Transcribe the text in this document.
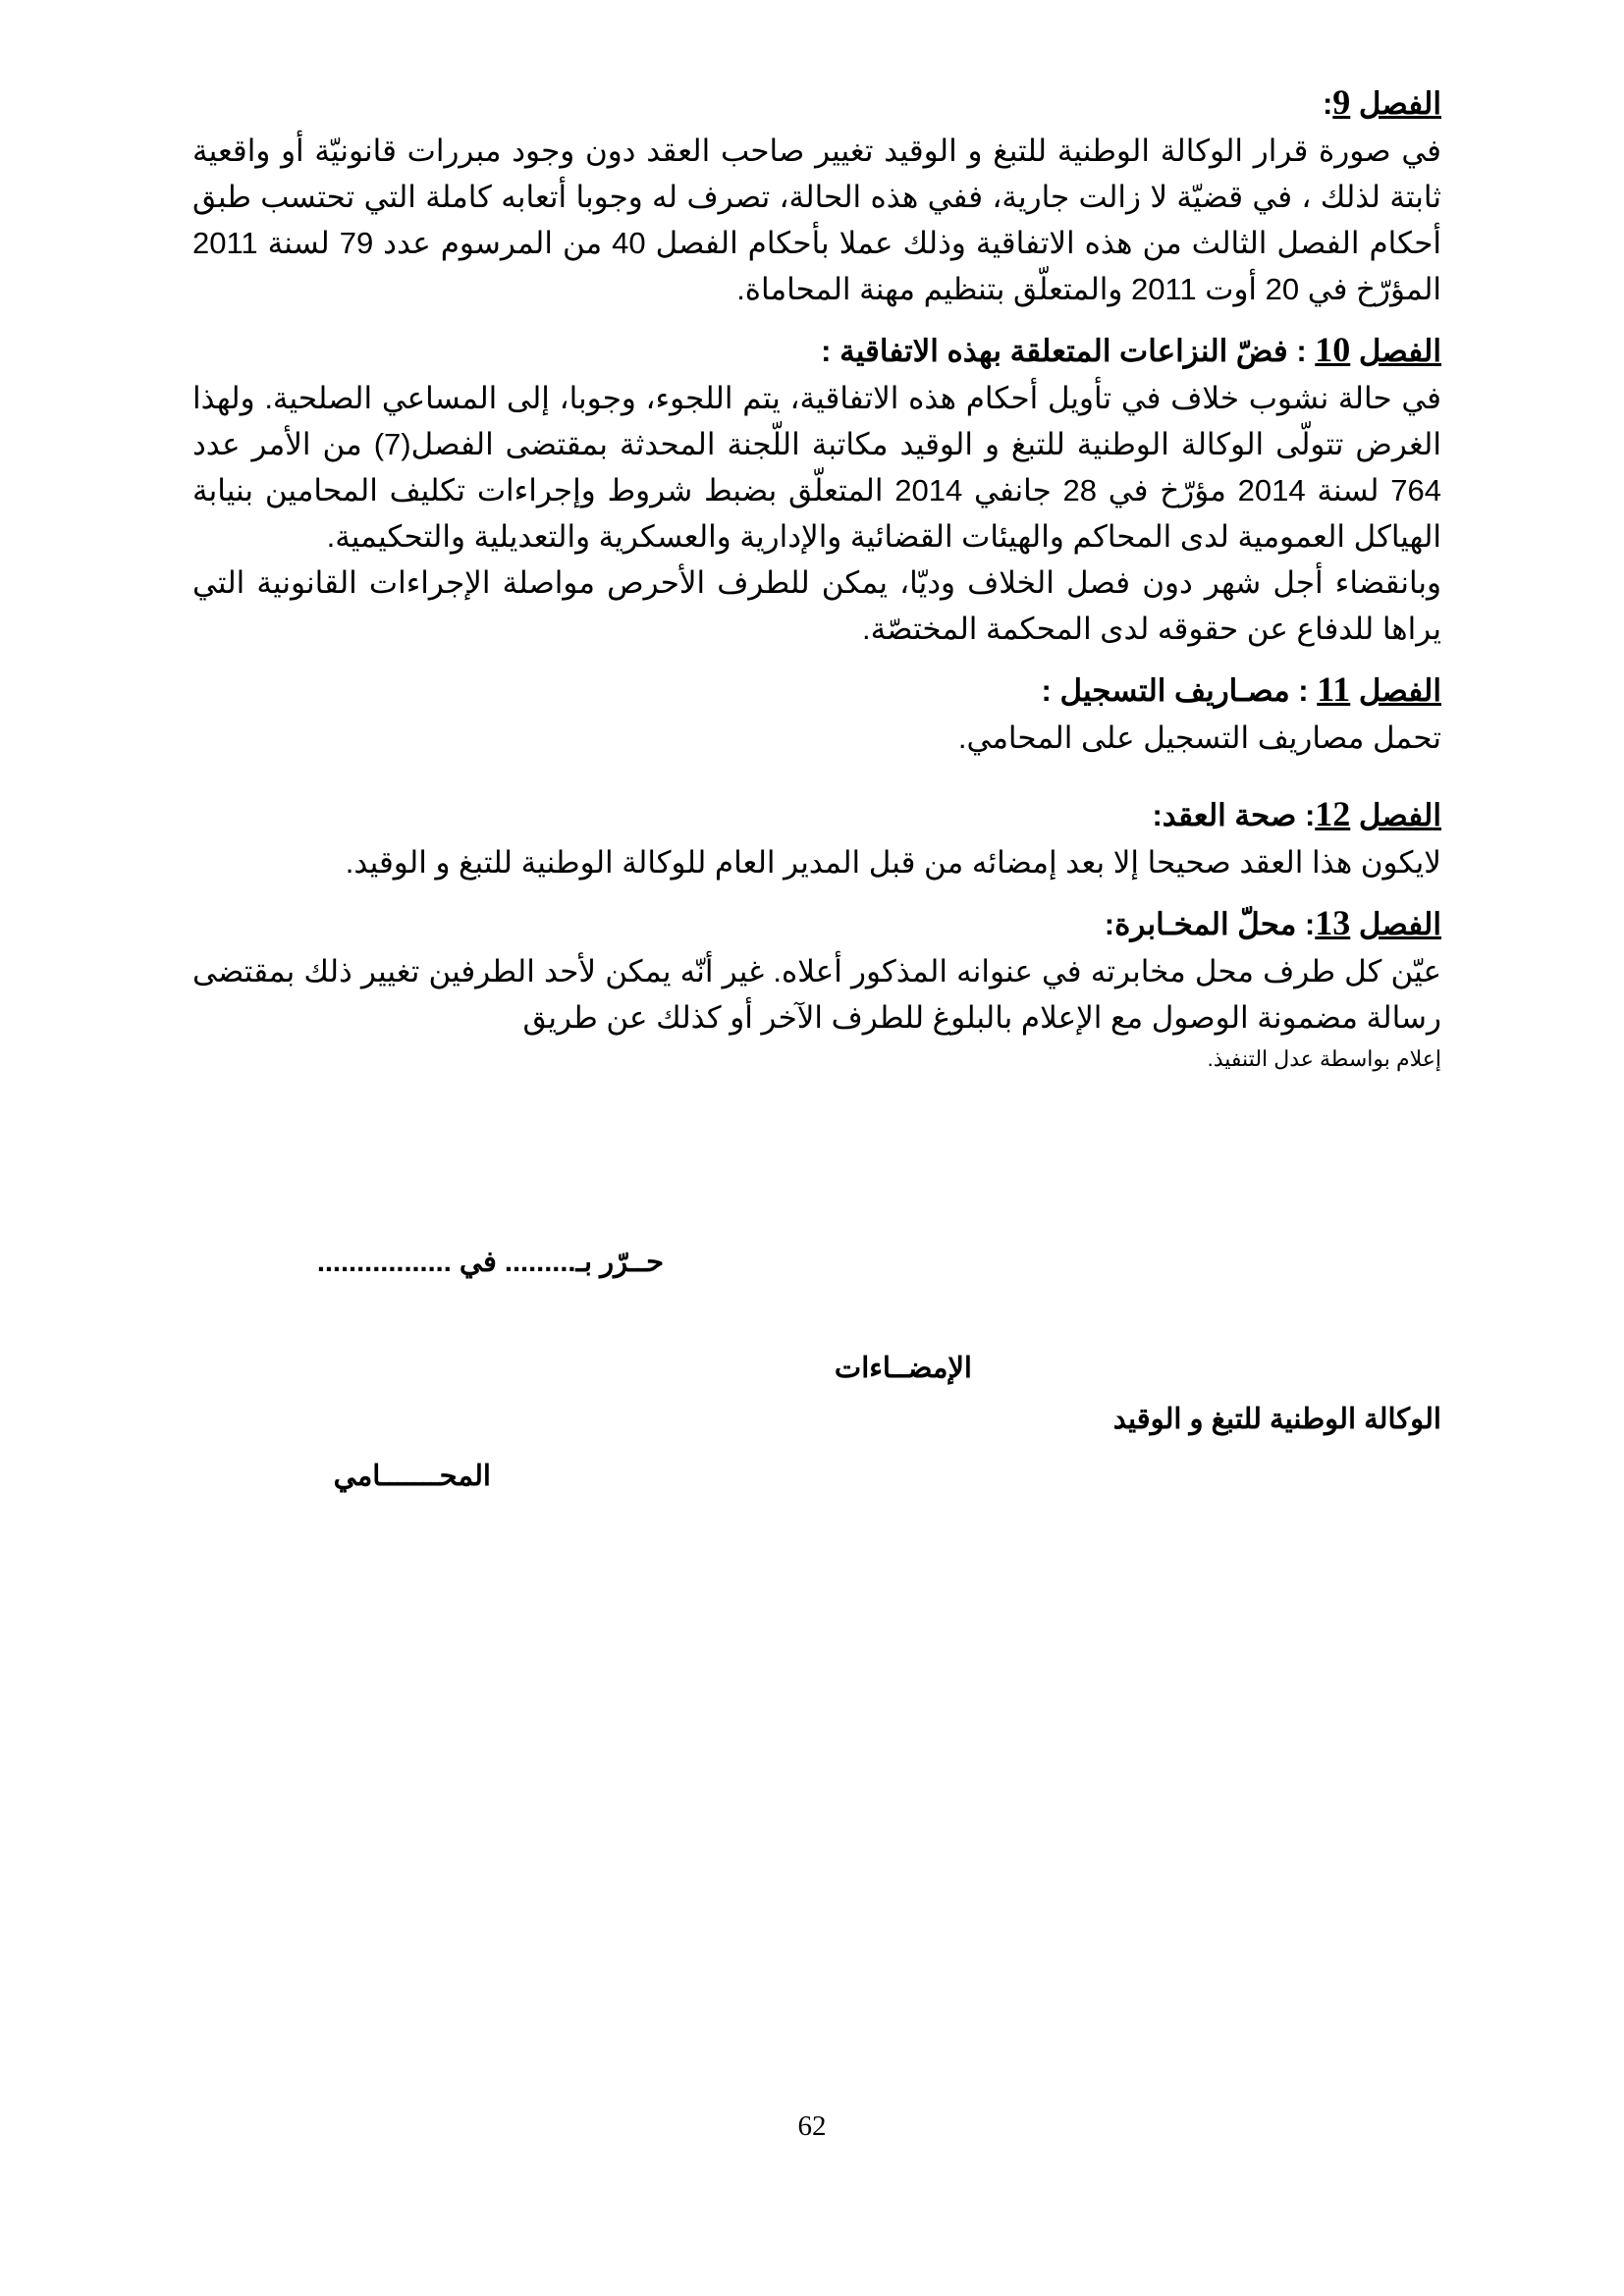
الفصل 9:

في صورة قرار الوكالة الوطنية للتبغ و الوقيد تغيير صاحب العقد دون وجود مبررات قانونيّة أو واقعية ثابتة لذلك ، في قضيّة لا زالت جارية، ففي هذه الحالة، تصرف له وجوبا أتعابه كاملة التي تحتسب طبق أحكام الفصل الثالث من هذه الاتفاقية وذلك عملا بأحكام الفصل 40 من المرسوم عدد 79 لسنة 2011 المؤرّخ في 20 أوت 2011 والمتعلّق بتنظيم مهنة المحاماة.

الفصل 10 : فضّ النزاعات المتعلقة بهذه الاتفاقية :

في حالة نشوب خلاف في تأويل أحكام هذه الاتفاقية، يتم اللجوء، وجوبا، إلى المساعي الصلحية. ولهذا الغرض تتولّى الوكالة الوطنية للتبغ و الوقيد مكاتبة اللّجنة المحدثة بمقتضى الفصل(7) من الأمر عدد 764 لسنة 2014 مؤرّخ في 28 جانفي 2014 المتعلّق بضبط شروط وإجراءات تكليف المحامين بنيابة الهياكل العمومية لدى المحاكم والهيئات القضائية والإدارية والعسكرية والتعديلية والتحكيمية.

وبانقضاء أجل شهر دون فصل الخلاف وديّا، يمكن للطرف الأحرص مواصلة الإجراءات القانونية التي يراها للدفاع عن حقوقه لدى المحكمة المختصّة.

الفصل 11 : مصـاريف التسجيل :

تحمل مصاريف التسجيل على المحامي.

الفصل 12: صحة العقد:

لايكون هذا العقد صحيحا إلا بعد إمضائه من قبل المدير العام للوكالة الوطنية للتبغ و الوقيد.

الفصل 13: محلّ المخـابرة:

عيّن كل طرف محل مخابرته في عنوانه المذكور أعلاه. غير أنّه يمكن لأحد الطرفين تغيير ذلك بمقتضى رسالة مضمونة الوصول مع الإعلام بالبلوغ للطرف الآخر أو كذلك عن طريق

إعلام بواسطة عدل التنفيذ.

حــرّر بـ......... في .................
الإمضــاءات
الوكالة الوطنية للتبغ و الوقيد
المحـــــــامي
62
